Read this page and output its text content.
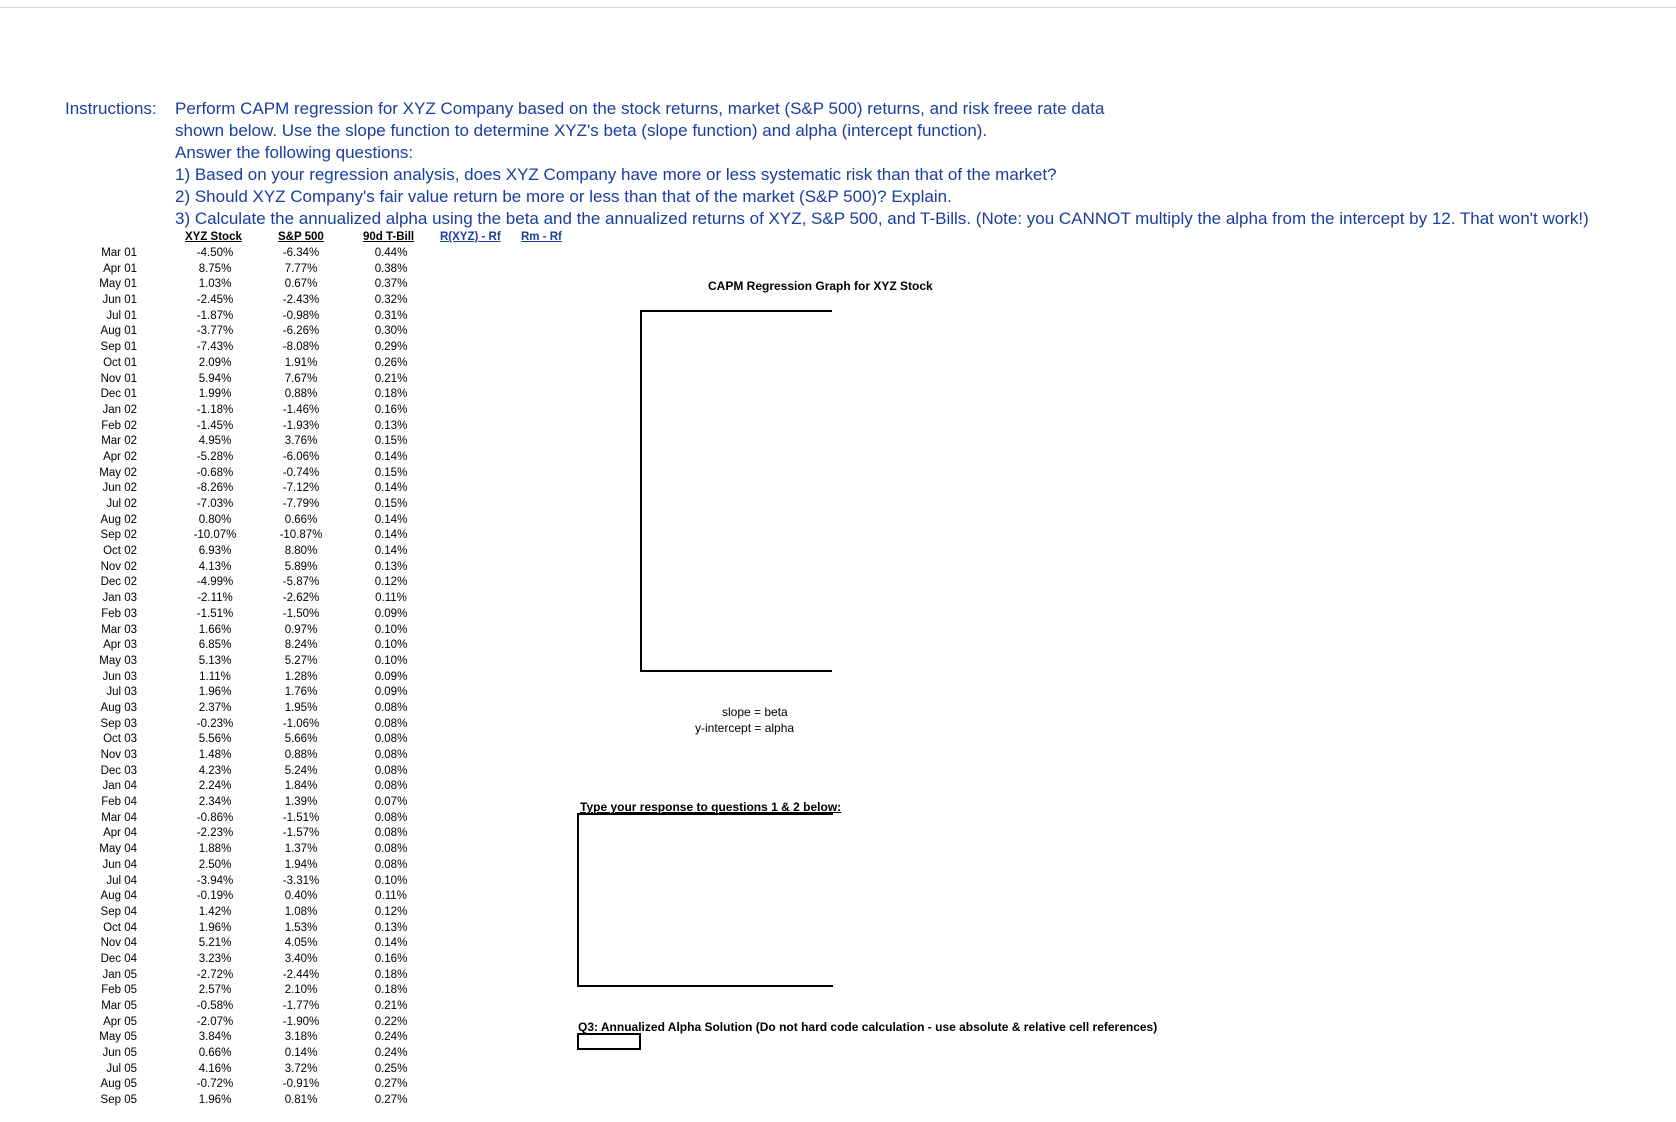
Instructions: Perform CAPM regression for XYZ Company based on the stock returns, market (S&P 500) returns, and risk freee rate data
shown below. Use the slope function to determine XYZ's beta (slope function) and alpha (intercept function).
Answer the following questions:
1) Based on your regression analysis, does XYZ Company have more or less systematic risk than that of the market?
2) Should XYZ Company's fair value return be more or less than that of the market (S&P 500)? Explain.
3) Calculate the annualized alpha using the beta and the annualized returns of XYZ, S&P 500, and T-Bills. (Note: you CANNOT multiply the alpha from the intercept by 12. That won't work!)
XYZ Stock	S&P 500	90d T-Bill R(XYZ) - Rf Rm - Rf
Mar 01
Apr 01
May 01
Jun 01
Jul 01
Aug 01
Sep 01
Oct 01
Nov 01
Dec 01
Jan 02
Feb 02
Mar 02
Apr 02
May 02
Jun 02
Jul 02
Aug 02
Sep 02
Oct 02
Nov 02
Dec 02
Jan 03
Feb 03
Mar 03
Apr 03
May 03
Jun 03
Jul 03
Aug 03
Sep 03
Oct 03
Nov 03
Dec 03
Jan 04
Feb 04
Mar 04
Apr 04
May 04
Jun 04
Jul 04
Aug 04
Sep 04
Oct 04
Nov 04
Dec 04
Jan 05
Feb 05
Mar 05
Apr 05
May 05
Jun 05
Jul 05
Aug 05
Sep 05
-4.50%
8.75%
1.03%
-2.45%
-1.87%
-3.77%
-7.43%
2.09%
5.94%
1.99%
-1.18%
-1.45%
4.95%
-5.28%
-0.68%
-8.26%
-7.03%
0.80%
-10.07%
6.93%
4.13%
-4.99%
-2.11%
-1.51%
1.66%
6.85%
5.13%
1.11%
1.96%
2.37%
-0.23%
5.56%
1.48%
4.23%
2.24%
2.34%
-0.86%
-2.23%
1.88%
2.50%
-3.94%
-0.19%
1.42%
1.96%
5.21%
3.23%
-2.72%
2.57%
-0.58%
-2.07%
3.84%
0.66%
4.16%
-0.72%
1.96%
-6.34%
7.77%
0.67%
-2.43%
-0.98%
-6.26%
-8.08%
1.91%
7.67%
0.88%
-1.46%
-1.93%
3.76%
-6.06%
-0.74%
-7.12%
-7.79%
0.66%
-10.87%
8.80%
5.89%
-5.87%
-2.62%
-1.50%
0.97%
8.24%
5.27%
1.28%
1.76%
1.95%
-1.06%
5.66%
0.88%
5.24%
1.84%
1.39%
-1.51%
-1.57%
1.37%
1.94%
-3.31%
0.40%
1.08%
1.53%
4.05%
3.40%
-2.44%
2.10%
-1.77%
-1.90%
3.18%
0.14%
3.72%
-0.91%
0.81%
0.44%
0.38%
0.37%
0.32%
0.31%
0.30%
0.29%
0.26%
0.21%
0.18%
0.16%
0.13%
0.15%
0.14%
0.15%
0.14%
0.15%
0.14%
0.14%
0.14%
0.13%
0.12%
0.11%
0.09%
0.10%
0.10%
0.10%
0.09%
0.09%
0.08%
0.08%
0.08%
0.08%
0.08%
0.08%
0.07%
0.08%
0.08%
0.08%
0.08%
0.10%
0.11%
0.12%
0.13%
0.14%
0.16%
0.18%
0.18%
0.21%
0.22%
0.24%
0.24%
0.25%
0.27%
0.27%
CAPM Regression Graph for XYZ Stock
slope = beta
y-intercept = alpha
Type your response to questions 1 & 2 below:
Q3: Annualized Alpha Solution (Do not hard code calculation - use absolute & relative cell references)
